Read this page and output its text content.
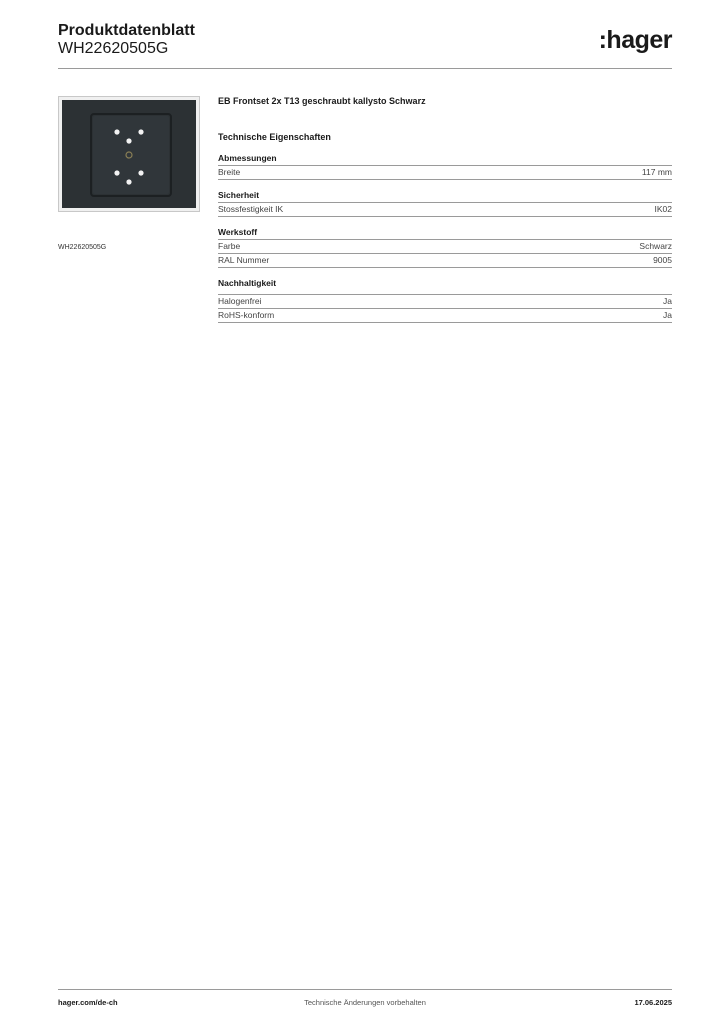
Produktdatenblatt
WH22620505G	:hager
WH22620505G
EB Frontset 2x T13 geschraubt kallysto Schwarz
Technische Eigenschaften
Abmessungen
Breite	117 mm
Sicherheit
Stossfestigkeit IK	IK02
Werkstoff
Farbe	Schwarz
RAL Nummer	9005
Nachhaltigkeit
Halogenfrei	Ja
RoHS-konform	Ja
hager.com/de-ch	Technische Änderungen vorbehalten	17.06.2025
